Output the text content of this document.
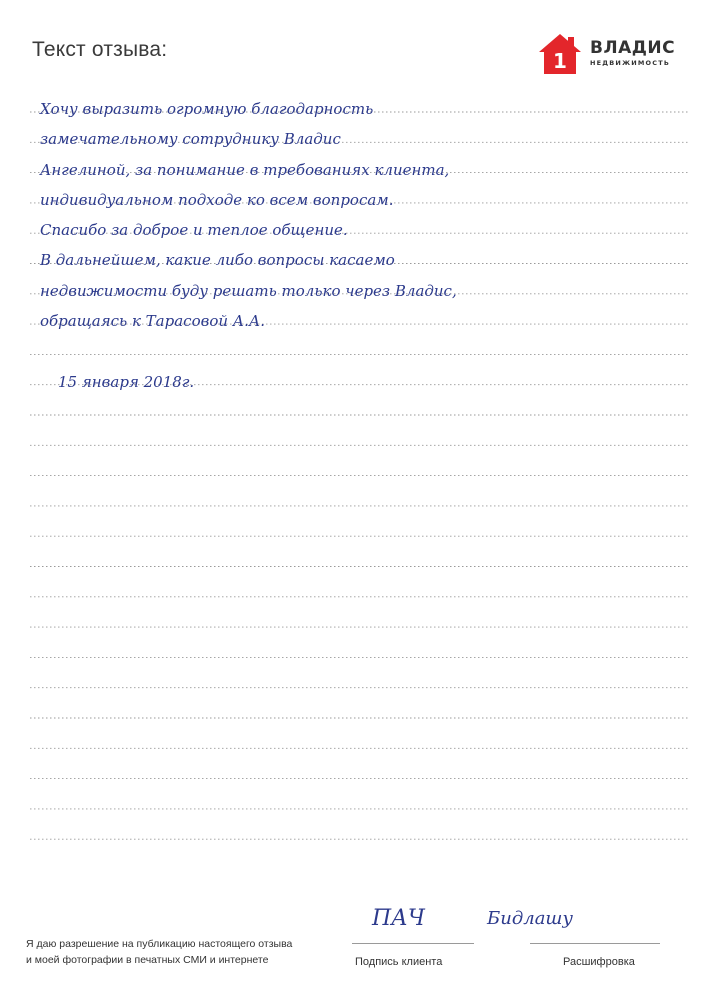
Текст отзыва:	1
ВЛАДИС
НЕДВИЖИМОСТЬ
Хочу выразить огромную благодарность
замечательному сотруднику Владис
Ангелиной, за понимание в требованиях клиента,
индивидуальном подходе ко всем вопросам.
Спасибо за доброе и теплое общение.
В дальнейшем, какие либо вопросы касаемо
недвижимости буду решать только через Владис,
обращаясь к Тарасовой А.А.
15 января 2018г.
Я даю разрешение на публикацию настоящего отзыва
и моей фотографии в печатных СМИ и интернете
ПАЧ
Подпись клиента
Бидлашу
Расшифровка
